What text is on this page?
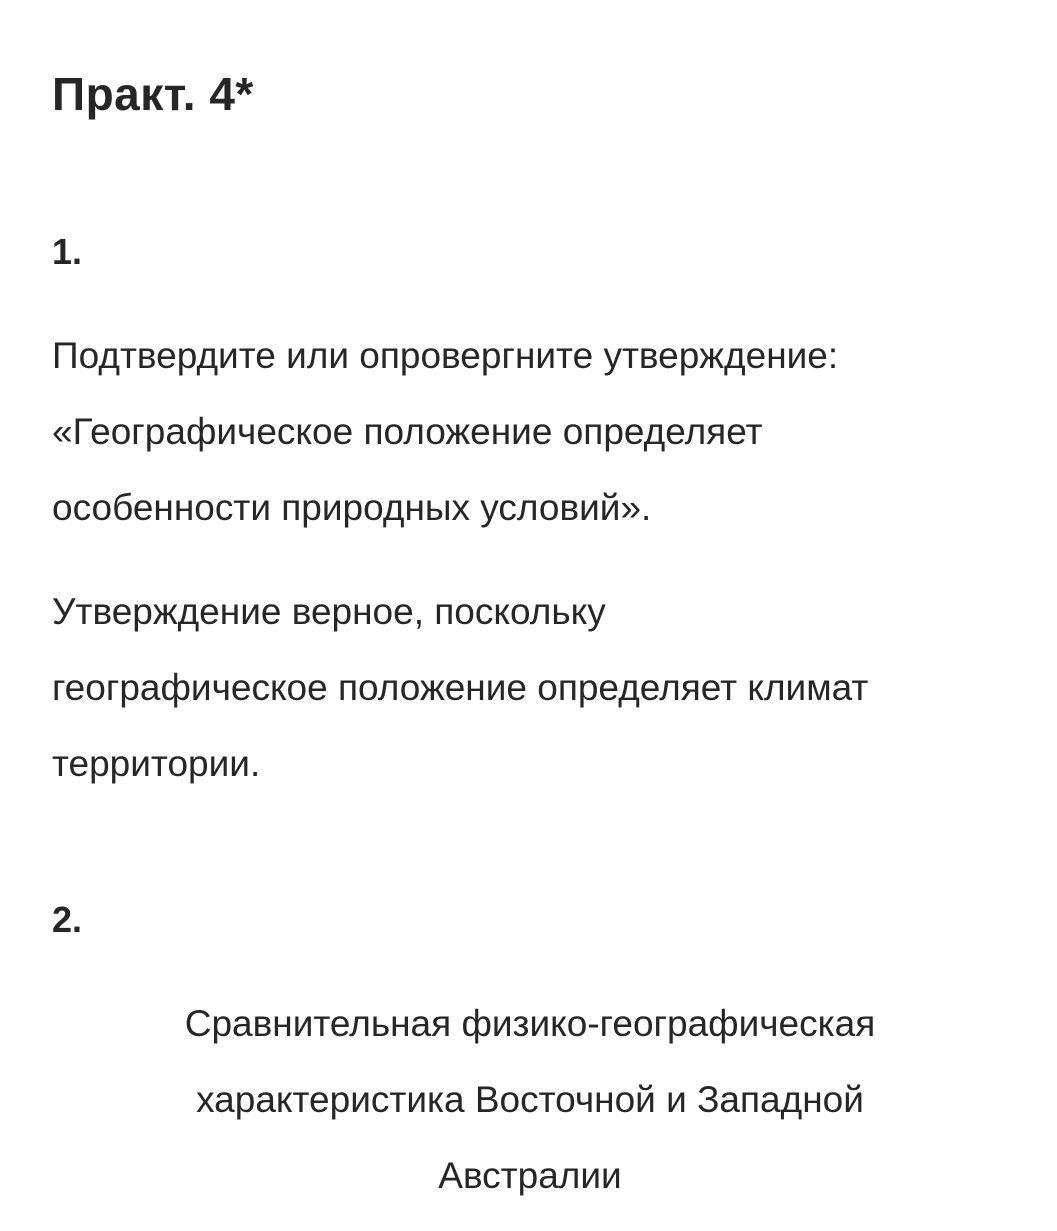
Практ. 4*
1.

Подтвердите или опровергните утверждение:
«Географическое положение определяет
особенности природных условий».

Утверждение верное, поскольку
географическое положение определяет климат
территории.

2.
Сравнительная физико-географическая
характеристика Восточной и Западной
Австралии
